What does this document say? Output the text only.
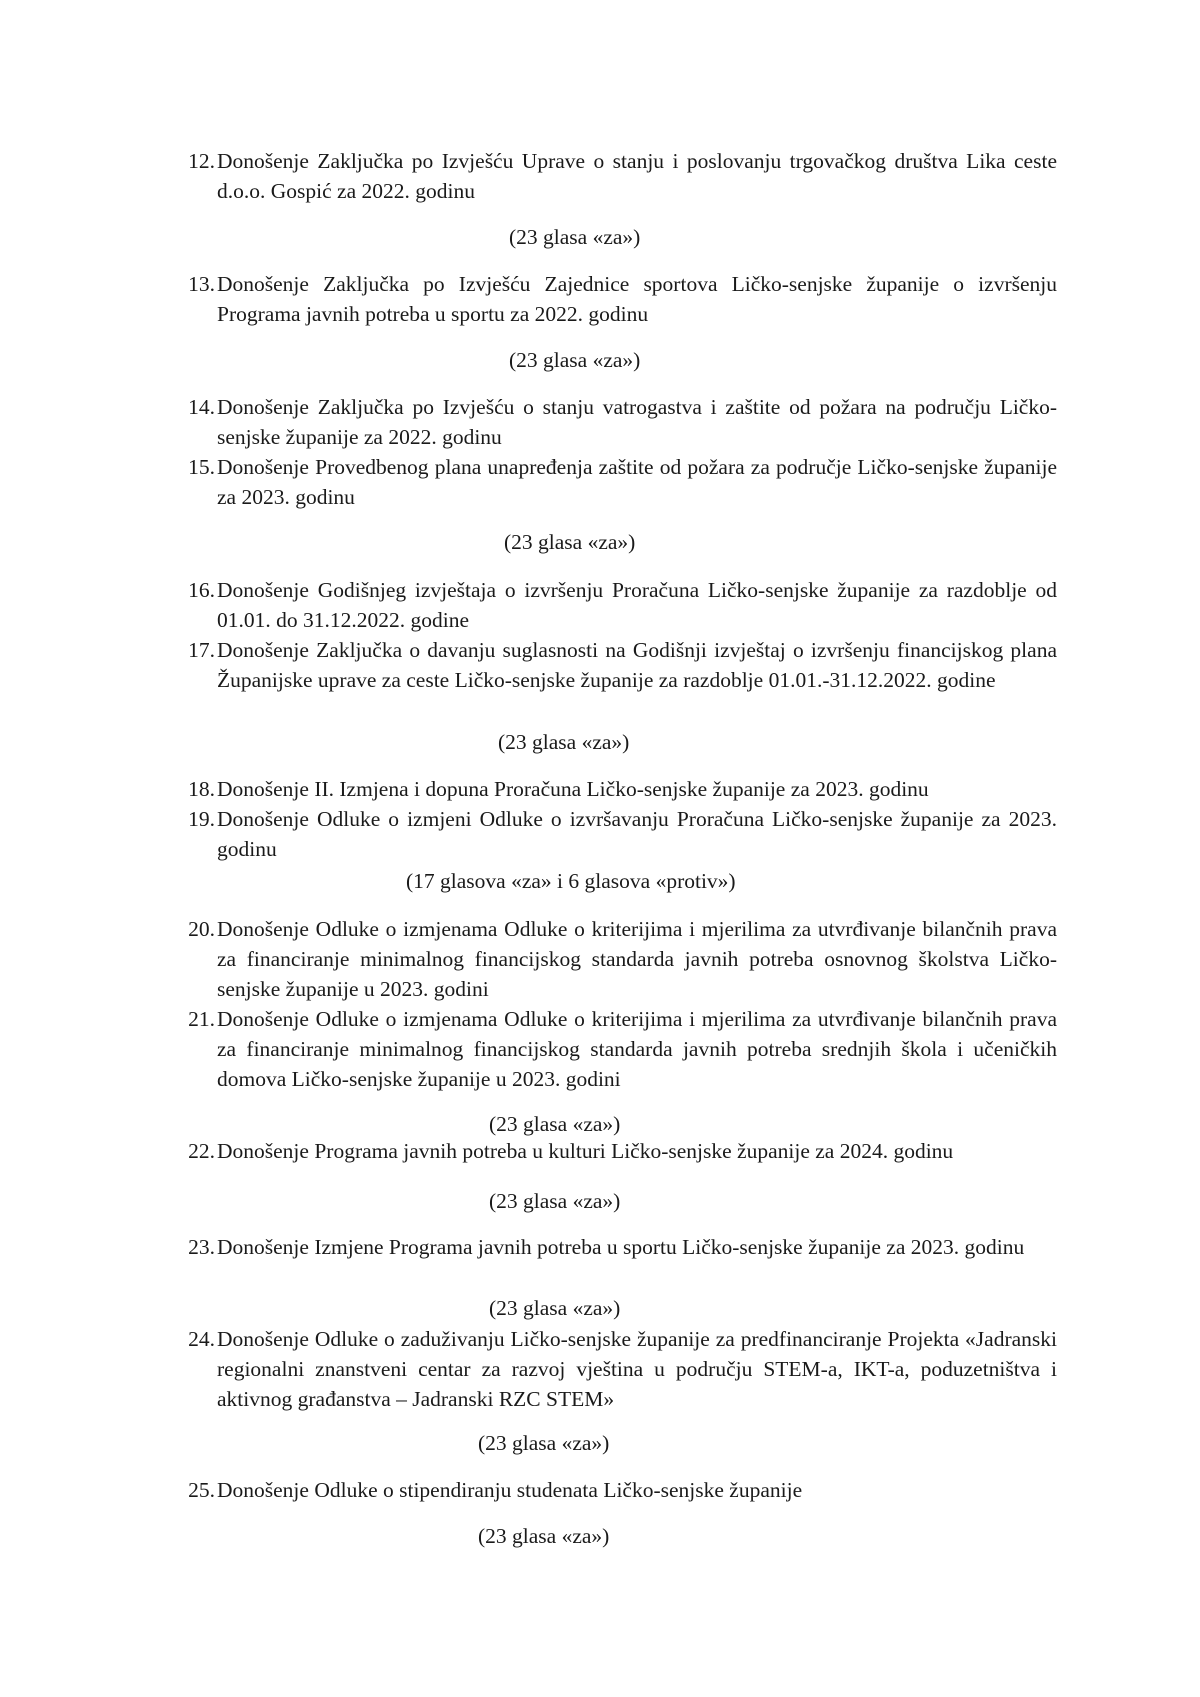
12. Donošenje Zaključka po Izvješću Uprave o stanju i poslovanju trgovačkog društva Lika ceste d.o.o. Gospić za 2022. godinu
(23 glasa «za»)
13. Donošenje Zaključka po Izvješću Zajednice sportova Ličko-senjske županije o izvršenju Programa javnih potreba u sportu za 2022. godinu
(23 glasa «za»)
14. Donošenje Zaključka po Izvješću o stanju vatrogastva i zaštite od požara na području Ličko-senjske županije za 2022. godinu
15. Donošenje Provedbenog plana unapređenja zaštite od požara za područje Ličko-senjske županije za 2023. godinu
(23 glasa «za»)
16. Donošenje Godišnjeg izvještaja o izvršenju Proračuna Ličko-senjske županije za razdoblje od 01.01. do 31.12.2022. godine
17. Donošenje Zaključka o davanju suglasnosti na Godišnji izvještaj o izvršenju financijskog plana Županijske uprave za ceste Ličko-senjske županije za razdoblje 01.01.-31.12.2022. godine
(23 glasa «za»)
18. Donošenje II. Izmjena i dopuna Proračuna Ličko-senjske županije za 2023. godinu
19. Donošenje Odluke o izmjeni Odluke o izvršavanju Proračuna Ličko-senjske županije za 2023. godinu
(17 glasova «za» i 6 glasova «protiv»)
20. Donošenje Odluke o izmjenama Odluke o kriterijima i mjerilima za utvrđivanje bilančnih prava za financiranje minimalnog financijskog standarda javnih potreba osnovnog školstva Ličko-senjske županije u 2023. godini
21. Donošenje Odluke o izmjenama Odluke o kriterijima i mjerilima za utvrđivanje bilančnih prava za financiranje minimalnog financijskog standarda javnih potreba srednjih škola i učeničkih domova Ličko-senjske županije u 2023. godini
(23 glasa «za»)
22. Donošenje Programa javnih potreba u kulturi Ličko-senjske županije za 2024. godinu
(23 glasa «za»)
23. Donošenje Izmjene Programa javnih potreba u sportu Ličko-senjske županije za 2023. godinu
(23 glasa «za»)
24. Donošenje Odluke o zaduživanju Ličko-senjske županije za predfinanciranje Projekta «Jadranski regionalni znanstveni centar za razvoj vještina u području STEM-a, IKT-a, poduzetništva i aktivnog građanstva – Jadranski RZC STEM»
(23 glasa «za»)
25. Donošenje Odluke o stipendiranju studenata Ličko-senjske županije
(23 glasa «za»)
